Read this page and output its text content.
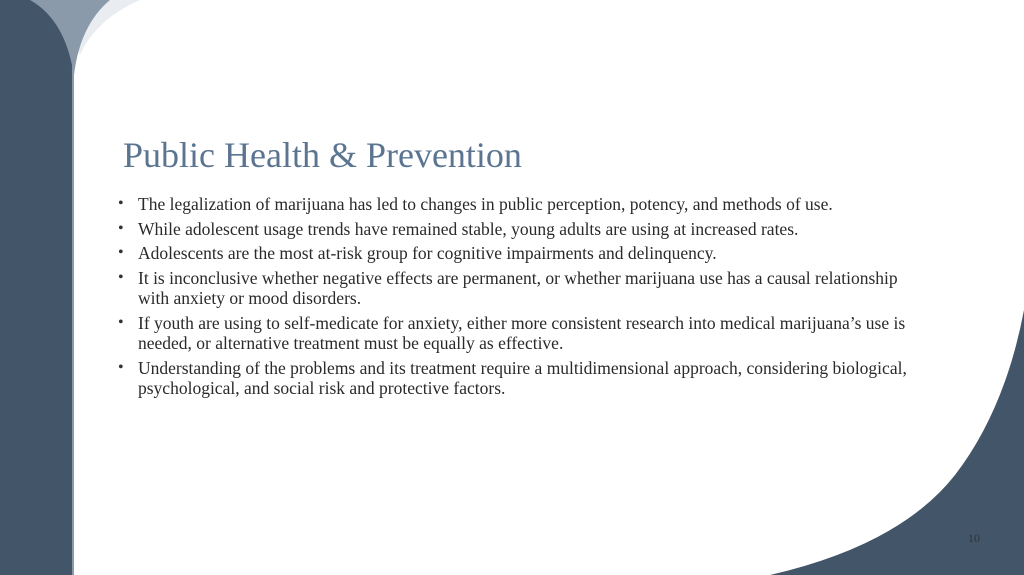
Public Health & Prevention
• The legalization of marijuana has led to changes in public perception, potency, and methods of use.
• While adolescent usage trends have remained stable, young adults are using at increased rates.
• Adolescents are the most at-risk group for cognitive impairments and delinquency.
• It is inconclusive whether negative effects are permanent, or whether marijuana use has a causal relationship with anxiety or mood disorders.
• If youth are using to self-medicate for anxiety, either more consistent research into medical marijuana’s use is needed, or alternative treatment must be equally as effective.
• Understanding of the problems and its treatment require a multidimensional approach, considering biological, psychological, and social risk and protective factors.
10
